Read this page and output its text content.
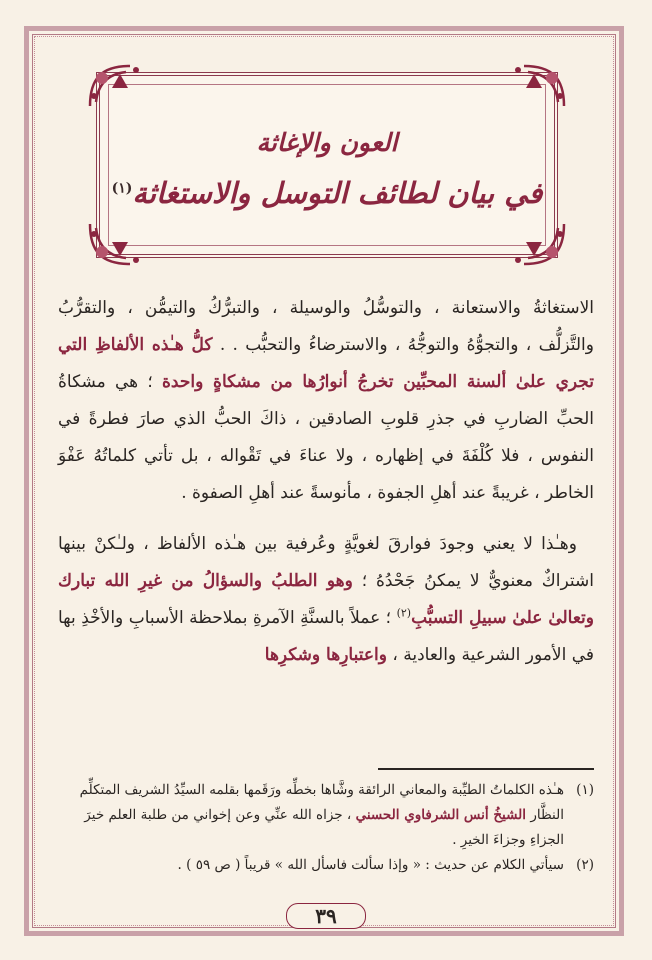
العون والإغاثة
في بيان لطائف التوسل والاستغاثة$^{(١)}$

الاستغاثةُ والاستعانة ، والتوسُّلُ والوسيلة ، والتبرُّكُ والتيمُّن ، والتقرُّبُ والتَّزلُّف ، والتجوُّهُ والتوجُّهُ ، والاسترضاءُ والتحبُّب . . كلُّ هـٰذه الألفاظِ التي تجري علىٰ ألسنة المحبِّين تخرجُ أنوارُها من مشكاةٍ واحدة ؛ هي مشكاةُ الحبِّ الضاربِ في جذرِ قلوبِ الصادقين ، ذاكَ الحبُّ الذي صارَ فطرةً في النفوس ، فلا كُلْفَةَ في إظهاره ، ولا عناءَ في تَقْواله ، بل تأتي كلماتُهُ عَفْوَ الخاطر ، غريبةً عند أهلِ الجفوة ، مأنوسةً عند أهلِ الصفوة .

 وهـٰذا لا يعني وجودَ فوارقَ لغويَّةٍ وعُرفية بين هـٰذه الألفاظ ، ولـٰكنْ بينها اشتراكٌ معنويٌّ لا يمكنُ جَحْدُهُ ؛ وهو الطلبُ والسؤالُ من غيرِ الله تبارك وتعالىٰ علىٰ سبيلِ التسبُّبِ$^{(٢)}$ ؛ عملاً بالسنَّةِ الآمرةِ بملاحظة الأسبابِ والأخْذِ بها في الأمور الشرعية والعادية ، واعتبارِها وشكرِها

(١)
هـٰذه الكلماتُ الطيِّبة والمعاني الرائقة وشَّاها بخطِّه ورَقَمها بقلمه السيِّدُ الشريف المتكلِّم النظَّار الشيخُ أنس الشرفاوي الحسني ، جزاه الله عنِّي وعن إخواني من طلبة العلم خيرَ الجزاءِ وجزاءَ الخيرِ .

(٢)
سيأتي الكلام عن حديث : « وإذا سألت فاسأل الله » قريباً ( ص ٥٩ ) .

٣٩
